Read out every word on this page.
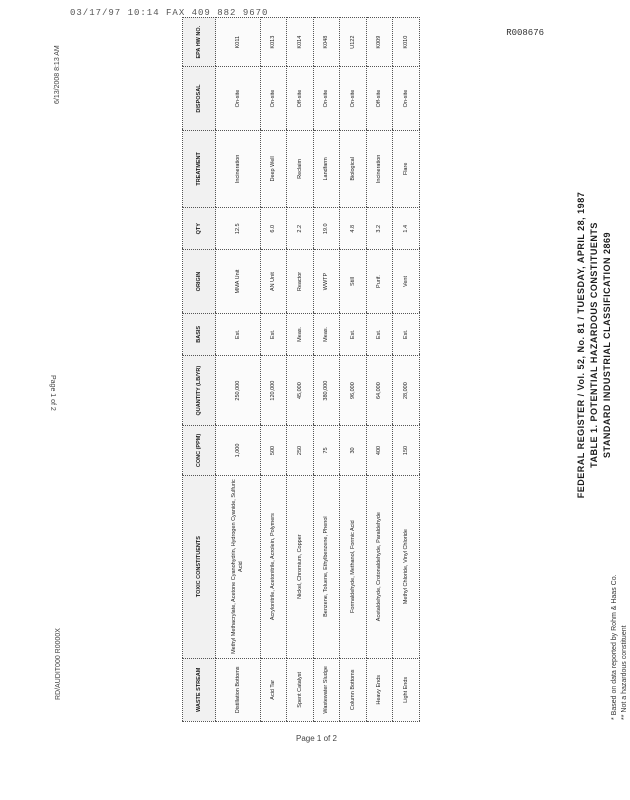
03/17/97 10:14 FAX 409 882 9670
R008676
6/13/2008 8:13 AM
Page 1 of 2
RD/AUDIT000 R0000X
FEDERAL REGISTER / Vol. 52, No. 81 / TUESDAY, APRIL 28, 1987 TABLE 1. POTENTIAL HAZARDOUS CONSTITUENTS STANDARD INDUSTRIAL CLASSIFICATION 2869
* Based on data reported by Rohm & Haas Co. ** Not a hazardous constituent
WASTE STREAM	TOXIC CONSTITUENTS	CONC (PPM)	QUANTITY (LB/YR)	BASIS	ORIGIN	QTY	TREATMENT	DISPOSAL	EPA HW NO.
Distillation Bottoms	Methyl Methacrylate, Acetone Cyanohydrin, Hydrogen Cyanide, Sulfuric Acid	1,000	250,000	Est.	MMA Unit	12.5	Incineration	On-site	K011
Acid Tar	Acrylonitrile, Acetonitrile, Acrolein, Polymers	500	120,000	Est.	AN Unit	6.0	Deep Well	On-site	K013
Spent Catalyst	Nickel, Chromium, Copper	250	45,000	Meas.	Reactor	2.2	Reclaim	Off-site	K014
Wastewater Sludge	Benzene, Toluene, Ethylbenzene, Phenol	75	380,000	Meas.	WWTP	19.0	Landfarm	On-site	K048
Column Bottoms	Formaldehyde, Methanol, Formic Acid	30	96,000	Est.	Still	4.8	Biological	On-site	U122
Heavy Ends	Acetaldehyde, Crotonaldehyde, Paraldehyde	400	64,000	Est.	Purif.	3.2	Incineration	Off-site	K009
Light Ends	Methyl Chloride, Vinyl Chloride	150	28,000	Est.	Vent	1.4	Flare	On-site	K010
Page 1 of 2
